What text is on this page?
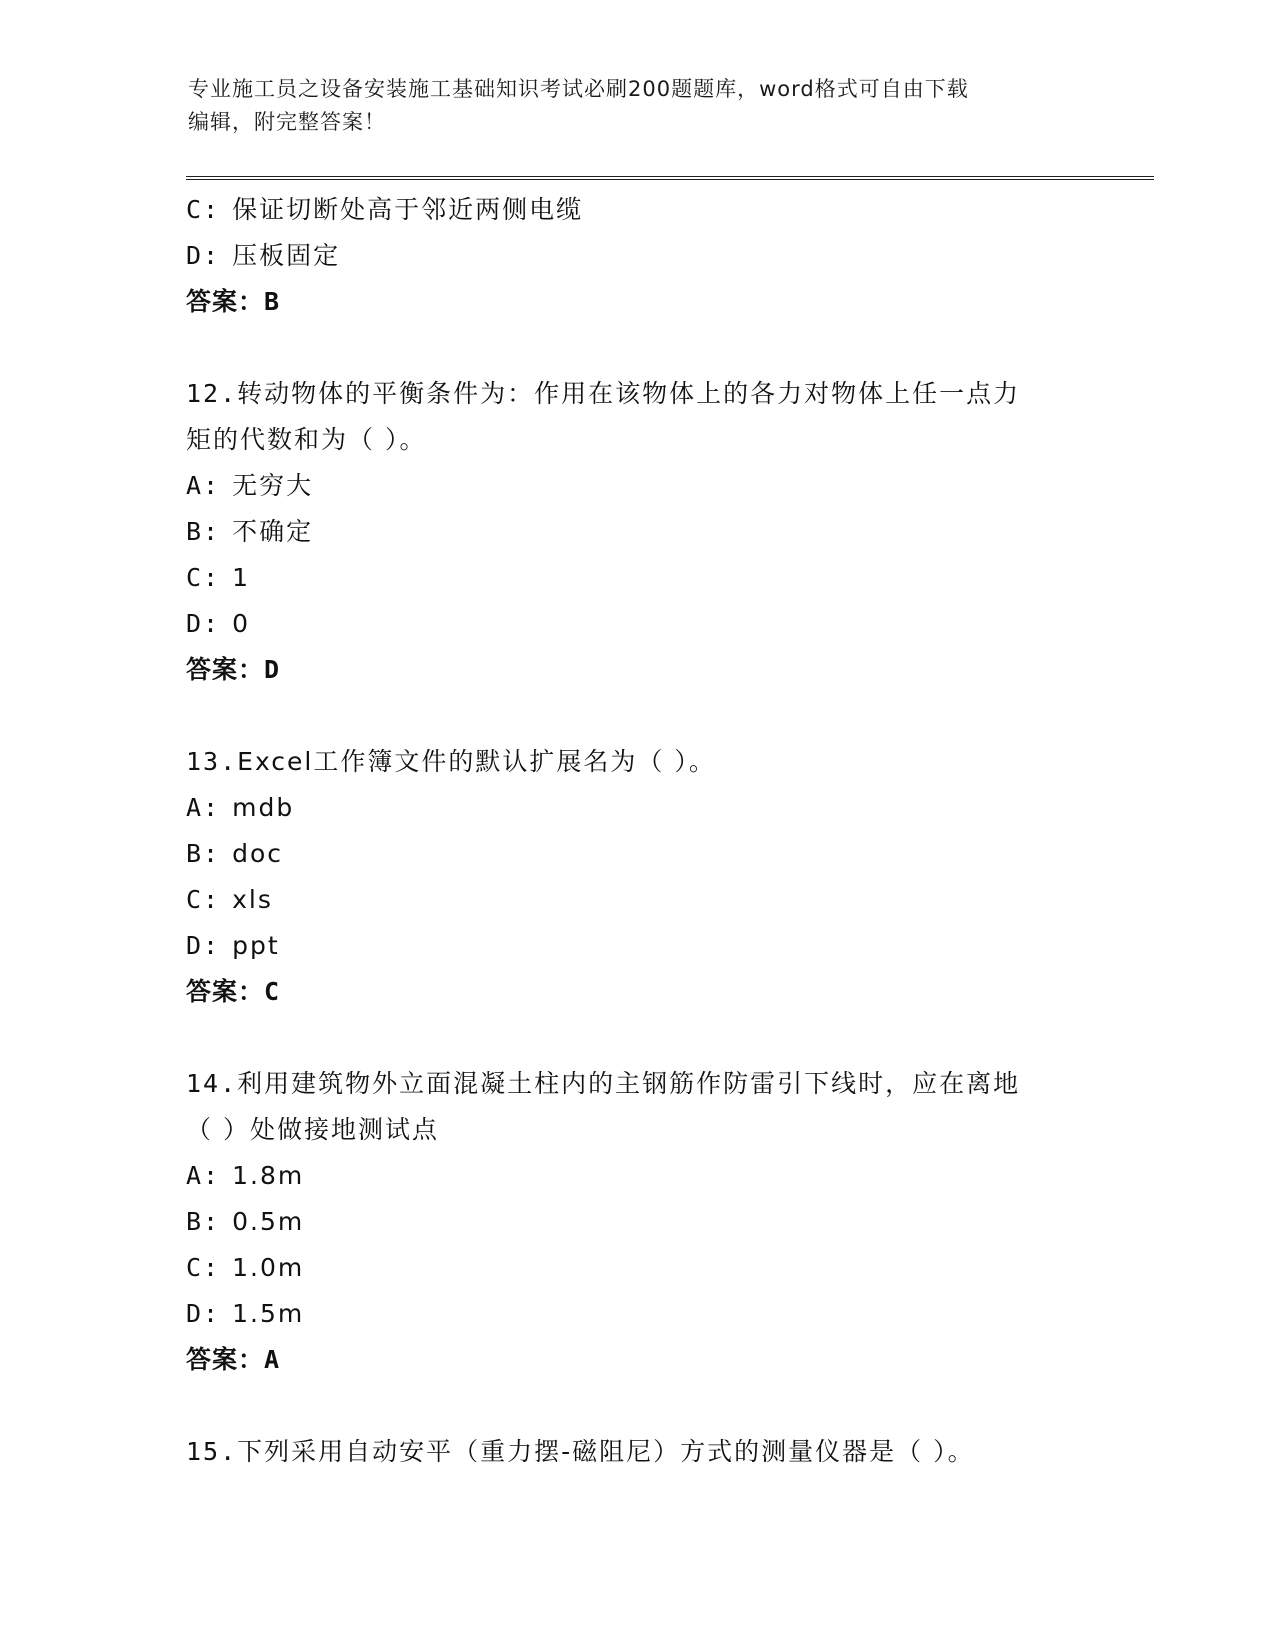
专业施工员之设备安装施工基础知识考试必刷200题题库，word格式可自由下载
编辑，附完整答案！
C: 保证切断处高于邻近两侧电缆
D: 压板固定
答案：B
12.转动物体的平衡条件为：作用在该物体上的各力对物体上任一点力
矩的代数和为（ ）。
A: 无穷大
B: 不确定
C: 1
D: 0
答案：D
13.Excel工作簿文件的默认扩展名为（ ）。
A: mdb
B: doc
C: xls
D: ppt
答案：C
14.利用建筑物外立面混凝土柱内的主钢筋作防雷引下线时，应在离地
（ ）处做接地测试点
A: 1.8m
B: 0.5m
C: 1.0m
D: 1.5m
答案：A
15.下列采用自动安平（重力摆-磁阻尼）方式的测量仪器是（ ）。
